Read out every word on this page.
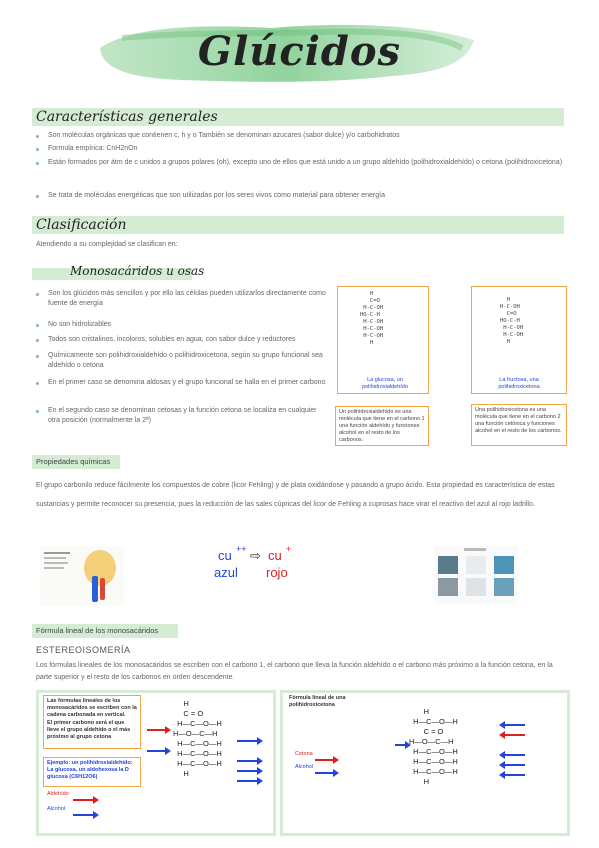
Glúcidos
Características generales
Son moléculas orgánicas que contienen c, h y o También se denominan azucares (sabor dulce) y/o carbohidratos
Formula empírica: CnH2nOn
Están formados por átm de c unidos a grupos polares (oh), excepto uno de ellos que está unido a un grupo aldehído (polihidroxialdehído) o cetona (polihidroxicetona)
Se trata de moléculas energéticas que son utilizadas por los seres vivos como material para obtener energía
Clasificación
Atendiendo a su complejidad se clasifican en:
Monosacáridos u osas
Son los glúcidos más sencillos y por ello las células pueden utilizarlos directamente como fuente de energía
No son hidrolizables
Todos son cristalinos, incoloros, solubles en agua, con sabor dulce y reductores
Químicamente son polihidroxialdehído o polihidroxicetona, según su grupo funcional sea aldehído o cetona
En el primer caso se denomina aldosas y el grupo funcional se halla en el primer carbono
En el segundo caso se denominan cetosas y la función cetona se localiza en cualquier otra posición (normalmente la 2ª)
H
C=O
H-C-OH
HO-C-H
H-C-OH
H-C-OH
H-C-OH
H
La glucosa, un polihidroxialdehído
Un polihidroxialdehído es una molécula que tiene en el carbono 1 una función aldehído y funciones alcohol en el resto de los carbonos.
H
H-C-OH
C=O
HO-C-H
H-C-OH
H-C-OH
H
La fructosa, una polihidroxicetona
Una polihidroxicetona es una molécula que tiene en el carbono 2 una función cetónica y funciones alcohol en el resto de los carbonos.
Propiedades químicas
El grupo carbonilo reduce fácilmente los compuestos de cobre (licor Fehling) y de plata oxidándose y pasando a grupo ácido. Esta propiedad es característica de estas sustancias y permite reconocer su presencia, pues la reducción de las sales cúpricas del licor de Fehling a cuprosas hace virar el reactivo del azul al rojo ladrillo.
cu ++ ⇨ cu +
azul rojo
Fórmula lineal de los monosacáridos
ESTEREOISOMERÍA
Los fórmulas lineales de los monosacáridos se escriben con el carbono 1, el carbono que lleva la función aldehído o el carbono más próximo a la función cetona, en la parte superior y el resto de los carbonos en orden descendente.
Las fórmulas lineales de los monosacáridos se escriben con la cadena carbonada en vertical.
El primer carbono será el que lleve el grupo aldehído o el más próximo al grupo cetona
Ejemplo: un polihidroxialdehído: La glucosa, un aldohexosa la D glucosa (C6H12O6)
Aldehído
Alcohol
H
C = O
H—C—O—H
H—O—C—H
H—C—O—H
H—C—O—H
H—C—O—H
H
Fórmula lineal de una polihidroxicetona
Cetona
Alcohol
H
H—C—O—H
C = O
H—O—C—H
H—C—O—H
H—C—O—H
H—C—O—H
H
